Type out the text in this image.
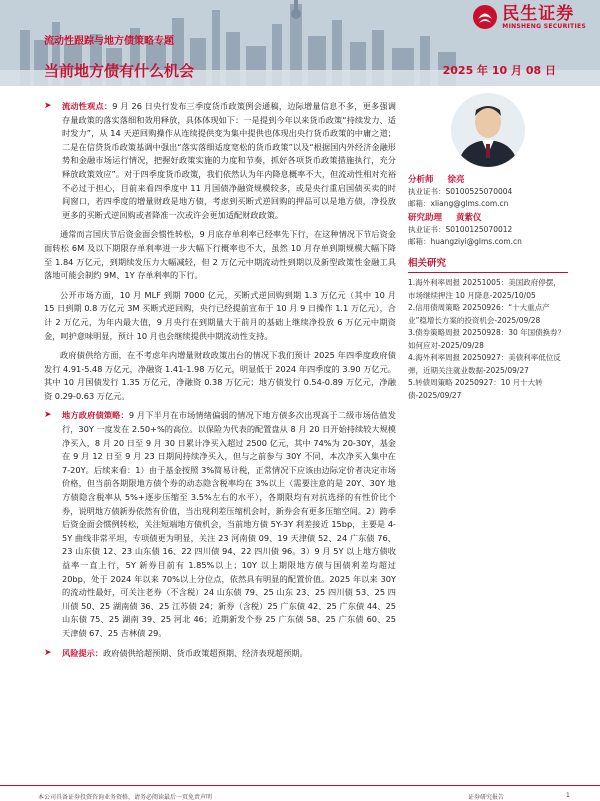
民生证券
MINSHENG SECURITIES
流动性跟踪与地方债策略专题
当前地方债有什么机会	2025 年 10 月 08 日

➤ 流动性观点：9 月 26 日央行发布三季度货币政策例会通稿，边际增量信息不多，更多强调存量政策的落实落细和效用释放，具体体现如下：一是提到今年以来货币政策“持续发力、适时发力”，从 14 天逆回购操作从连续提供变为集中提供也体现出央行货币政策的中庸之道；二是在信贷货币政策基调中强出“落实落细适度宽松的货币政策”以及“根据国内外经济金融形势和金融市场运行情况，把握好政策实施的力度和节奏，抓好各项货币政策措施执行，充分释放政策效应”。对于四季度货币政策，我们依然认为年内降息概率不大，但流动性相对充裕不必过于担心，目前来看四季度中 11 月国债净融资规模较多，或是央行重启国债买卖的时间窗口，若四季度的增量财政是地方债，考虑到买断式逆回购的押品可以是地方债，净投放更多的买断式逆回购或者降准一次或许会更加适配财政政策。

通常而言国庆节后资金面会惯性转松，9 月底存单利率已经率先下行，在这种情况下节后资金面转松 6M 及以下期限存单利率进一步大幅下行概率也不大，虽然 10 月存单到期规模大幅下降至 1.84 万亿元，到期续发压力大幅减轻，但 2 万亿元中期流动性到期以及新型政策性金融工具落地可能会制约 9M、1Y 存单利率的下行。

公开市场方面，10 月 MLF 到期 7000 亿元，买断式逆回购到期 1.3 万亿元（其中 10 月 15 日到期 0.8 万亿元 3M 买断式逆回购，央行已经提前宣布于 10 月 9 日操作 1.1 万亿元），合计 2 万亿元，为年内最大值，9 月央行在到期量大于前月的基础上继续净投放 6 万亿元中期资金，呵护意味明显，预计 10 月也会继续提供中期流动性支持。

政府债供给方面，在不考虑年内增量财政政策出台的情况下我们预计 2025 年四季度政府债发行 4.91-5.48 万亿元，净融资 1.41-1.98 万亿元，明显低于 2024 年四季度的 3.90 万亿元。其中 10 月国债发行 1.35 万亿元，净融资 0.38 万亿元；地方债发行 0.54-0.89 万亿元，净融资 0.29-0.63 万亿元。

➤ 地方政府债策略：9 月下半月在市场情绪偏弱的情况下地方债多次出现高于二级市场估值发行，30Y 一度发在 2.50+%的高位。以保险为代表的配置盘从 8 月 20 日开始持续较大规模净买入，8 月 20 日至 9 月 30 日累计净买入超过 2500 亿元，其中 74%为 20-30Y，基金在 9 月 12 日至 9 月 23 日期间持续净买入，但与之前参与 30Y 不同，本次净买入集中在 7-20Y。后续来看：1）由于基金按照 3%简易计税，正常情况下应该由边际定价者决定市场价格，但当前各期限地方债个券的动态隐含税率均在 3%以上（需要注意的是 20Y、30Y 地方债隐含税率从 5%+逐步压缩至 3.5%左右的水平），各期限均有对抗选择的有性价比个券，说明地方债新券依然有价值，当出现利差压缩机会时，新券会有更多压缩空间。2）跨季后资金面会惯例转松，关注短端地方债机会，当前地方债 5Y-3Y 利差接近 15bp，主要是 4-5Y 曲线非常平坦，专项债更为明显，关注 23 河南债 09、19 天津债 52、24 广东债 76、23 山东债 12、23 山东债 16、22 四川债 94、22 四川债 96。3）9 月 5Y 以上地方债收益率一直上行，5Y 新券目前有 1.85%以上；10Y 以上期限地方债与国债利差均超过 20bp，处于 2024 年以来 70%以上分位点，依然具有明显的配置价值。2025 年以来 30Y 的流动性最好，可关注老券（不含税）24 山东债 79、25 山东 23、25 四川债 53、25 四川债 50、25 湖南债 36、25 江苏债 24；新券（含税）25 广东债 42、25 广东债 44、25 山东债 75、25 湖南 39、25 河北 46；近期新发个券 25 广东债 58、25 广东债 60、25 天津债 67、25 吉林债 29。

➤ 风险提示：政府债供给超预期、货币政策超预期、经济表现超预期。

分析师 徐亮
执业证书：S0100525070004
邮箱：xliang@glms.com.cn
研究助理 黄紫仪
执业证书：S0100125070012
邮箱：huangziyi@glms.com.cn
相关研究
1.海外利率周报 20251005：美国政府停摆，市场继续押注 10 月降息-2025/10/05
2.信用债周策略 20250926：“十大重点产业”稳增长方案的投资机会-2025/09/28
3.债券策略周报 20250928：30 年国债换券？如何应对-2025/09/28
4.海外利率周报 20250927：美债利率低位反弹，近期关注就业数据-2025/09/27
5.转债周策略 20250927：10 月十大转债-2025/09/27
本公司具备证券投资咨询业务资格，请务必阅读最后一页免责声明	证券研究报告	1
